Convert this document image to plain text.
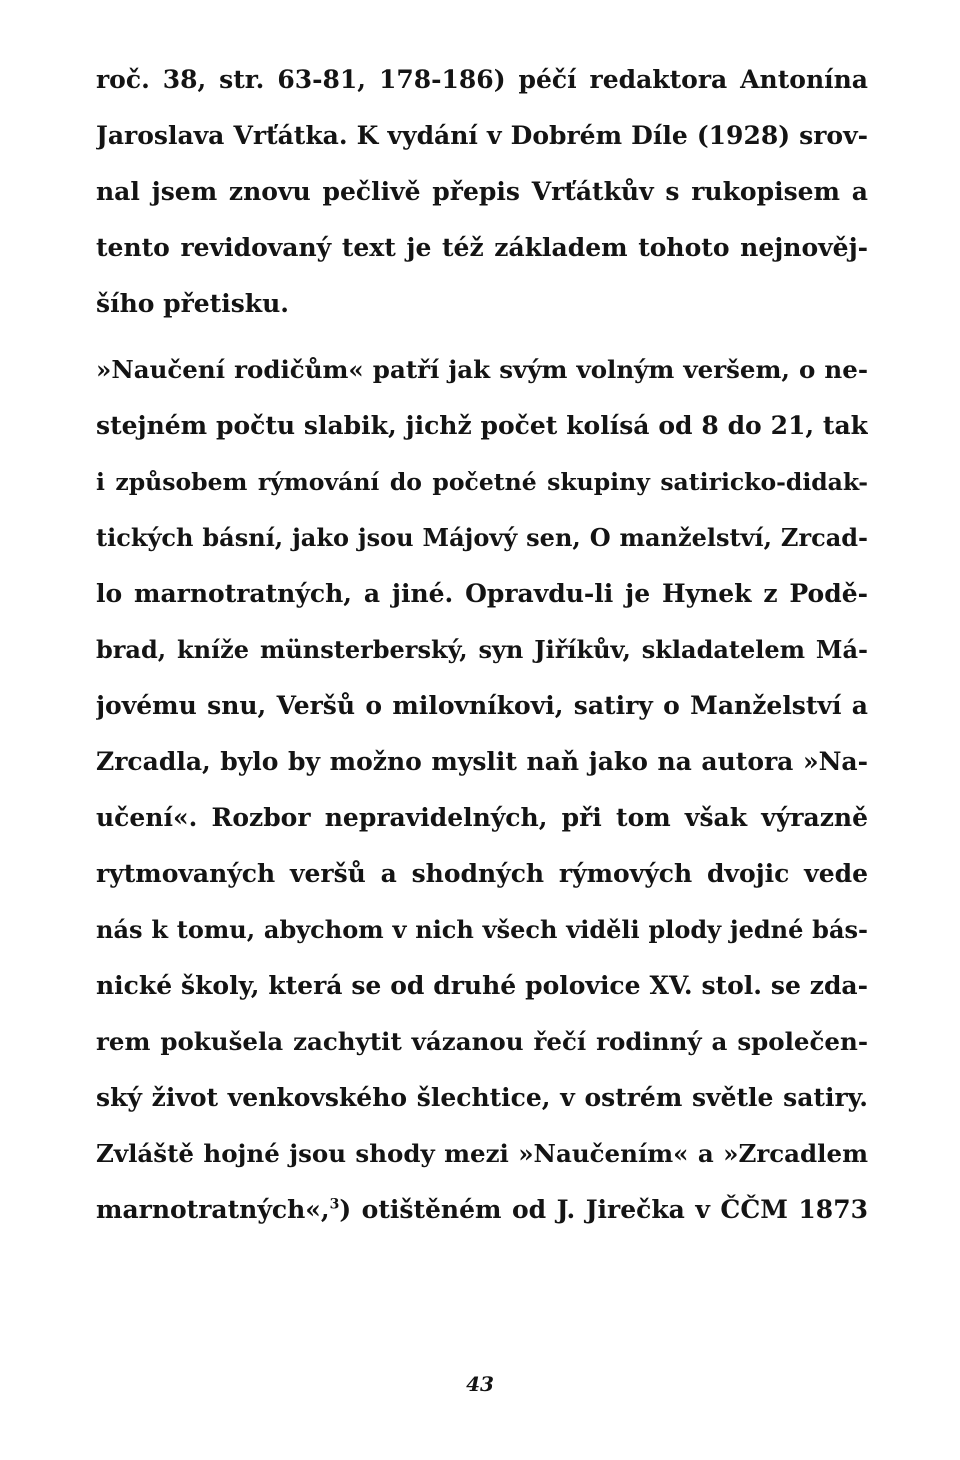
roč. 38, str. 63-81, 178-186) péčí redaktora Antonína
Jaroslava Vrťátka. K vydání v Dobrém Díle (1928) srov-
nal jsem znovu pečlivě přepis Vrťátkův s rukopisem a
tento revidovaný text je též základem tohoto nejnověj-
šího přetisku.
»Naučení rodičům« patří jak svým volným veršem, o ne-
stejném počtu slabik, jichž počet kolísá od 8 do 21, tak
i způsobem rýmování do početné skupiny satiricko-didak-
tických básní, jako jsou Májový sen, O manželství, Zrcad-
lo marnotratných, a jiné. Opravdu-li je Hynek z Podě-
brad, kníže münsterberský, syn Jiříkův, skladatelem Má-
jovému snu, Veršů o milovníkovi, satiry o Manželství a
Zrcadla, bylo by možno myslit naň jako na autora »Na-
učení«. Rozbor nepravidelných, při tom však výrazně
rytmovaných veršů a shodných rýmových dvojic vede
nás k tomu, abychom v nich všech viděli plody jedné bás-
nické školy, která se od druhé polovice XV. stol. se zda-
rem pokušela zachytit vázanou řečí rodinný a společen-
ský život venkovského šlechtice, v ostrém světle satiry.
Zvláště hojné jsou shody mezi »Naučením« a »Zrcadlem
marnotratných«,$^3$) otištěném od J. Jirečka v ČČM 1873
43
